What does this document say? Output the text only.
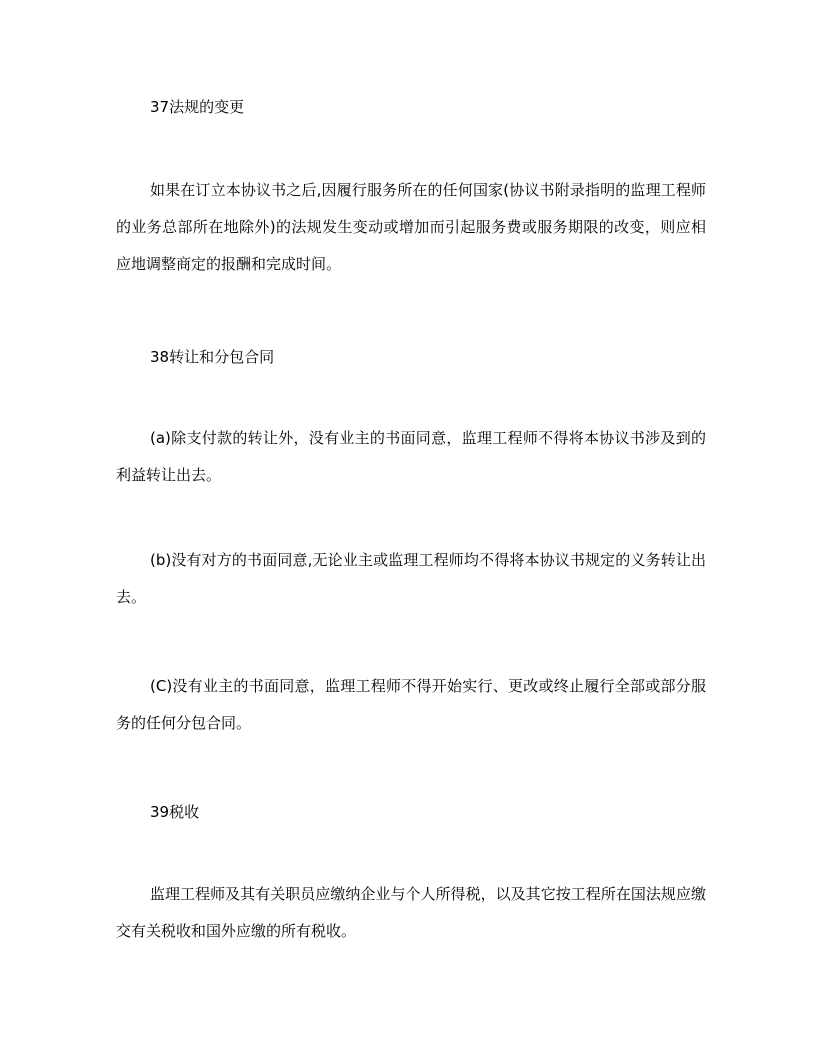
37法规的变更
如果在订立本协议书之后,因履行服务所在的任何国家(协议书附录指明的监理工程师的业务总部所在地除外)的法规发生变动或增加而引起服务费或服务期限的改变，则应相应地调整商定的报酬和完成时间。
38转让和分包合同
(a)除支付款的转让外，没有业主的书面同意，监理工程师不得将本协议书涉及到的利益转让出去。
(b)没有对方的书面同意,无论业主或监理工程师均不得将本协议书规定的义务转让出去。
(C)没有业主的书面同意，监理工程师不得开始实行、更改或终止履行全部或部分服务的任何分包合同。
39税收
监理工程师及其有关职员应缴纳企业与个人所得税，以及其它按工程所在国法规应缴交有关税收和国外应缴的所有税收。
